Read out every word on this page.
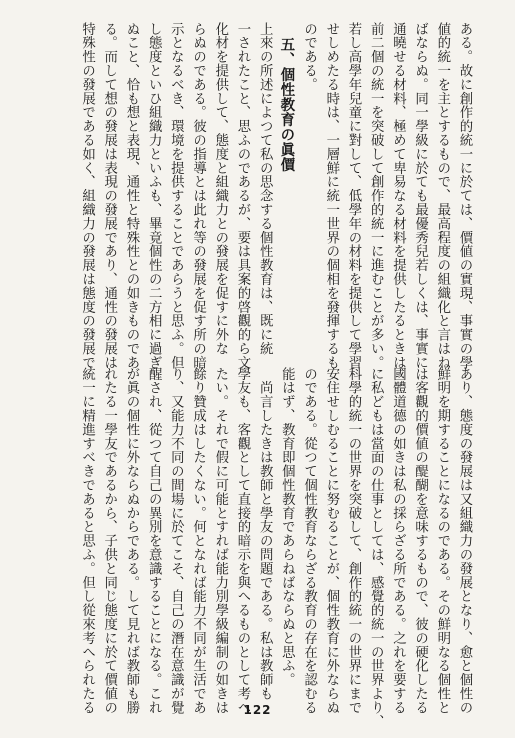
ある。故に創作的統一に於ては、價値の實現、事實の學
値的統一を主とするもので、最高程度の組織化と言はね
ばならぬ。同一學級に於ても最優秀兒若しくは、事實に
通曉せる材料、極めて卑易なる材料を提供したるときは
前二個の統一を突破して創作的統一に進むことが多い。
若し高學年兒童に對して、低學年の材料を提供して學習
せしめたる時は、一層鮮に統一世界の個相を發揮するも
のである。
　五、個性教育の眞價
上來の所述によつて私の思念する個性教育は、既に統
一されたこと、思ふのであるが、要は具案的啓觀的ら文
化材を提供して、態度と組織力との發展を促すに外な
らぬのである。彼の指導とは此れ等の發展を促す所の暗
示となるべき、環境を提供することであらうと思ふ。但
し態度といひ組織力といふも、畢竟個性の二方相に過ぎ
ぬこと、恰も想と表現、通性と特殊性との如きものであ
る。而して想の發展は表現の發展であり、通性の發展は
特殊性の發展である如く、組織力の發展は態度の發展で
あり、態度の發展は又組織力の發展となり、愈と個性の
鮮明を期することになるのである。その鮮明なる個性と
は客觀的價値の醍醐を意味するもので、彼の硬化したる
國體道德の如きは私の採らざる所である。之れを要する
に私どもは當面の仕事としては、感覺的統一の世界より、
科學的統一の世界を突破して、創作的統一の世界にまで
安住せしむることに努むることが、個性教育に外ならぬ
のである。從つて個性教育ならざる教育の存在を認むる
能はず、教育即個性教育であらねばならぬと思ふ。
　尚言したきは教師と學友の問題である。私は教師も
學友も、客觀として直接的暗示を與へるものとして考へ
たい。それで假に可能とすれば能力別學級編制の如きは
餘り贊成はしたくない。何となれば能力不同が生活であ
り、又能力不同の間場に於てこそ、自己の潛在意識が覺
醒され、從つて自己の異別を意識することになる。これ
が眞の個性に外ならぬからである。して見れば教師も勝
れたる一學友であるから、子供と同じ態度に於て價値の
統一に精進すべきであると思ふ。但し從來考へられたる	122
